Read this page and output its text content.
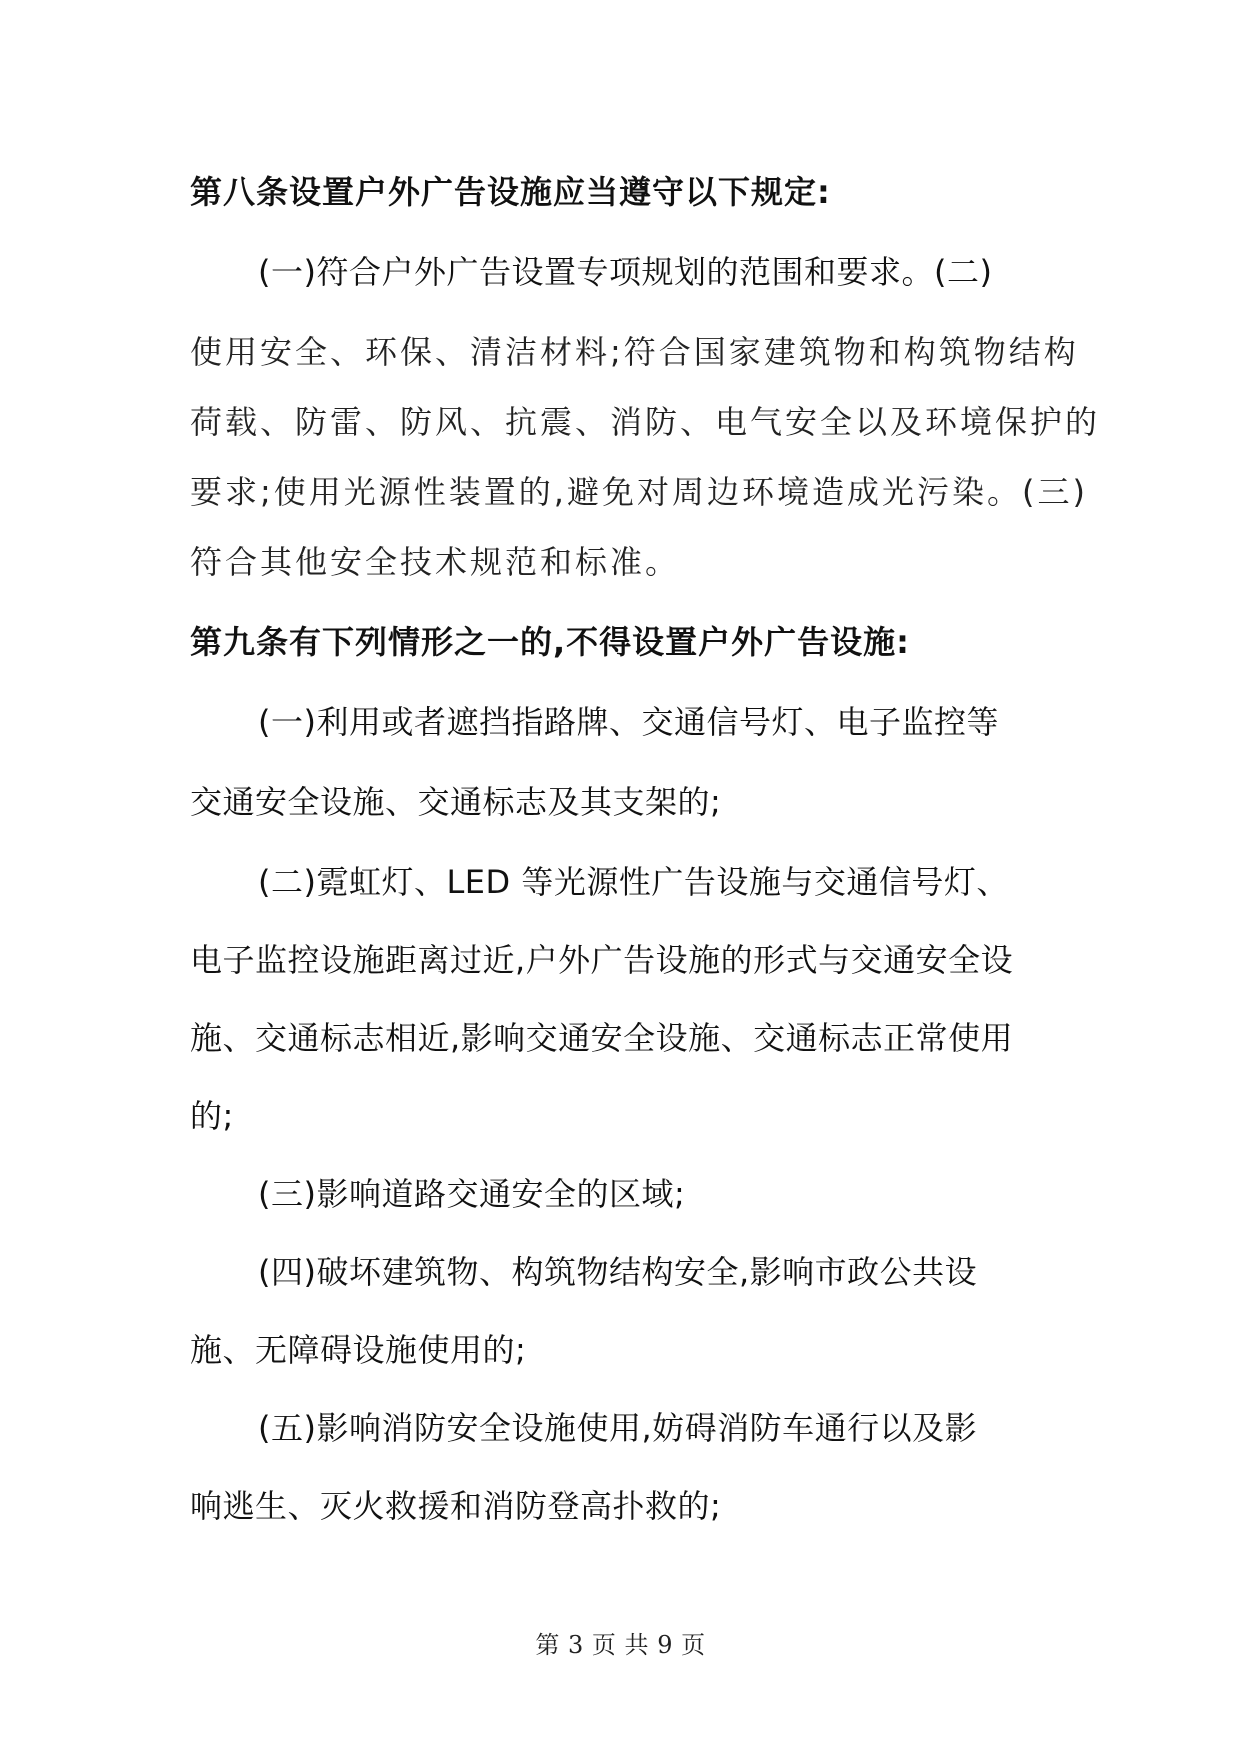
第八条设置户外广告设施应当遵守以下规定:
(一)符合户外广告设置专项规划的范围和要求。(二)
使用安全、环保、清洁材料;符合国家建筑物和构筑物结构
荷载、防雷、防风、抗震、消防、电气安全以及环境保护的
要求;使用光源性装置的,避免对周边环境造成光污染。(三)
符合其他安全技术规范和标准。
第九条有下列情形之一的,不得设置户外广告设施:
(一)利用或者遮挡指路牌、交通信号灯、电子监控等
交通安全设施、交通标志及其支架的;
(二)霓虹灯、LED 等光源性广告设施与交通信号灯、
电子监控设施距离过近,户外广告设施的形式与交通安全设
施、交通标志相近,影响交通安全设施、交通标志正常使用
的;
(三)影响道路交通安全的区域;
(四)破坏建筑物、构筑物结构安全,影响市政公共设
施、无障碍设施使用的;
(五)影响消防安全设施使用,妨碍消防车通行以及影
响逃生、灭火救援和消防登高扑救的;
第 3 页 共 9 页
